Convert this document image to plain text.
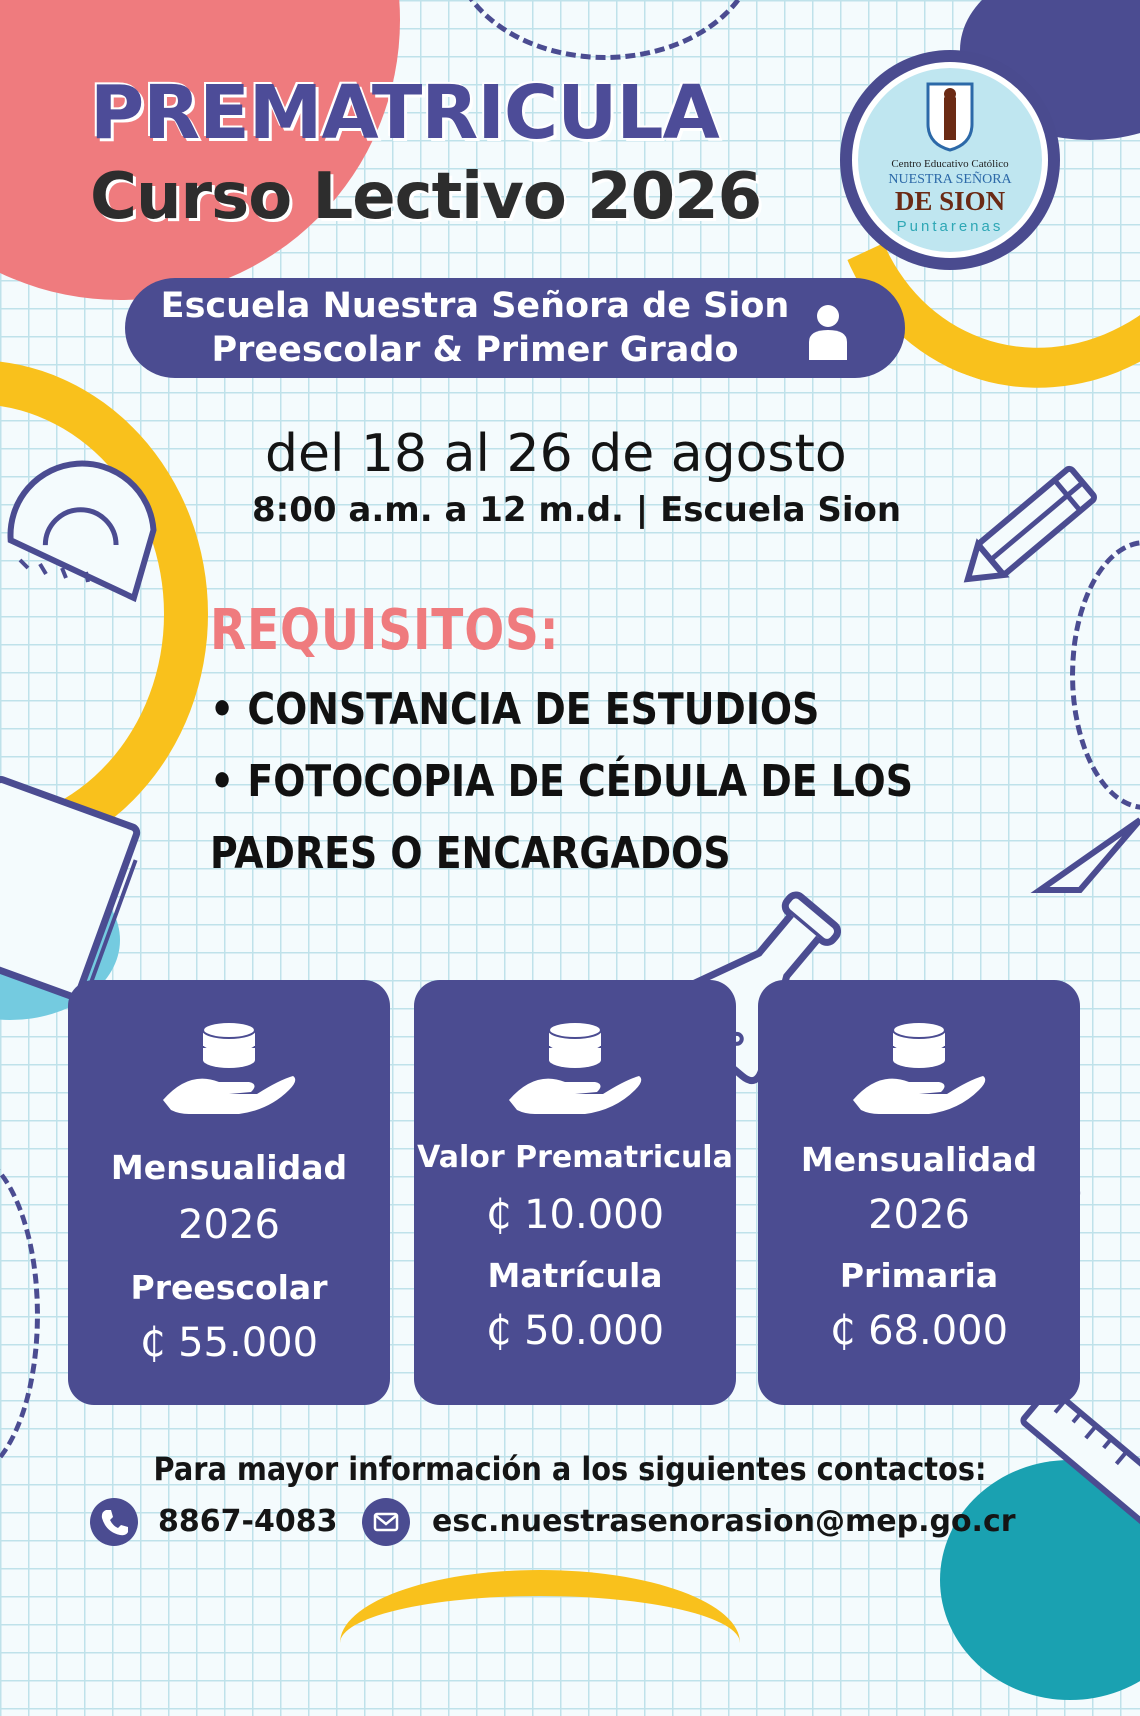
PREMATRICULA
Curso Lectivo 2026	Centro Educativo Católico
NUESTRA SEÑORA
DE SION
Puntarenas
Escuela Nuestra Señora de Sion
Preescolar & Primer Grado
del 18 al 26 de agosto
8:00 a.m. a 12 m.d. | Escuela Sion
REQUISITOS:
• CONSTANCIA DE ESTUDIOS
• FOTOCOPIA DE CÉDULA DE LOS
PADRES O ENCARGADOS
Mensualidad
2026
Preescolar
₵ 55.000
Valor Prematricula
₵ 10.000
Matrícula
₵ 50.000
Mensualidad
2026
Primaria
₵ 68.000
Para mayor información a los siguientes contactos:
8867-4083	esc.nuestrasenorasion@mep.go.cr
